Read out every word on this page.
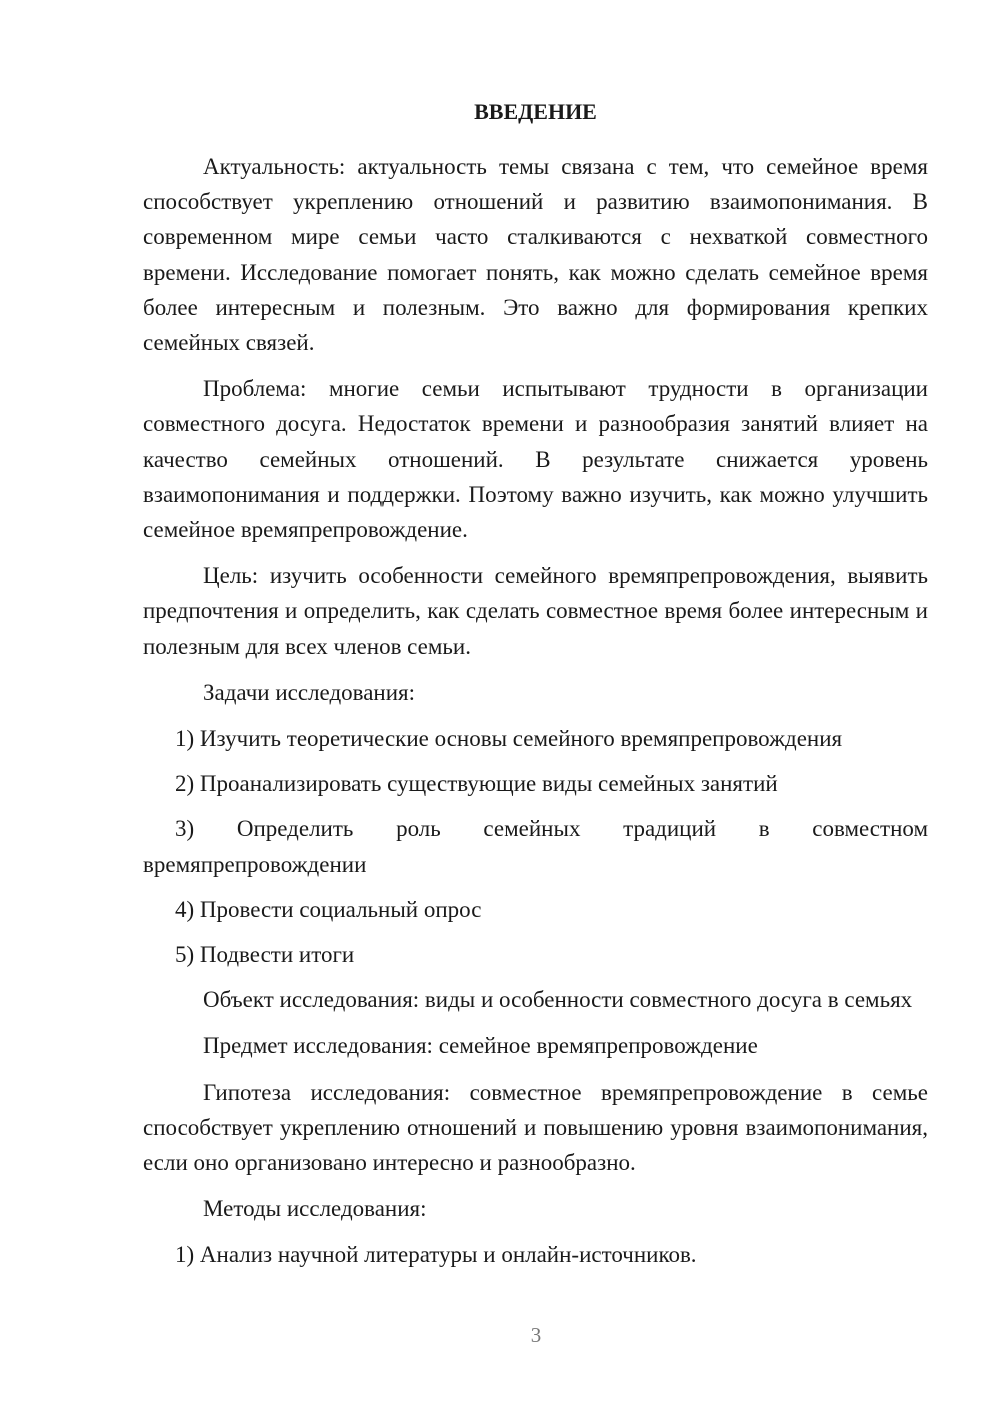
ВВЕДЕНИЕ

Актуальность: актуальность темы связана с тем, что семейное время способствует укреплению отношений и развитию взаимопонимания. В современном мире семьи часто сталкиваются с нехваткой совместного времени. Исследование помогает понять, как можно сделать семейное время более интересным и полезным. Это важно для формирования крепких семейных связей.

Проблема: многие семьи испытывают трудности в организации совместного досуга. Недостаток времени и разнообразия занятий влияет на качество семейных отношений. В результате снижается уровень взаимопонимания и поддержки. Поэтому важно изучить, как можно улучшить семейное времяпрепровождение.

Цель: изучить особенности семейного времяпрепровождения, выявить предпочтения и определить, как сделать совместное время более интересным и полезным для всех членов семьи.

Задачи исследования:

1) Изучить теоретические основы семейного времяпрепровождения
2) Проанализировать существующие виды семейных занятий
3) Определить роль семейных традиций в совместном времяпрепровождении
4) Провести социальный опрос
5) Подвести итоги

Объект исследования: виды и особенности совместного досуга в семьях

Предмет исследования: семейное времяпрепровождение

Гипотеза исследования: совместное времяпрепровождение в семье способствует укреплению отношений и повышению уровня взаимопонимания, если оно организовано интересно и разнообразно.

Методы исследования:

1) Анализ научной литературы и онлайн-источников.
3
